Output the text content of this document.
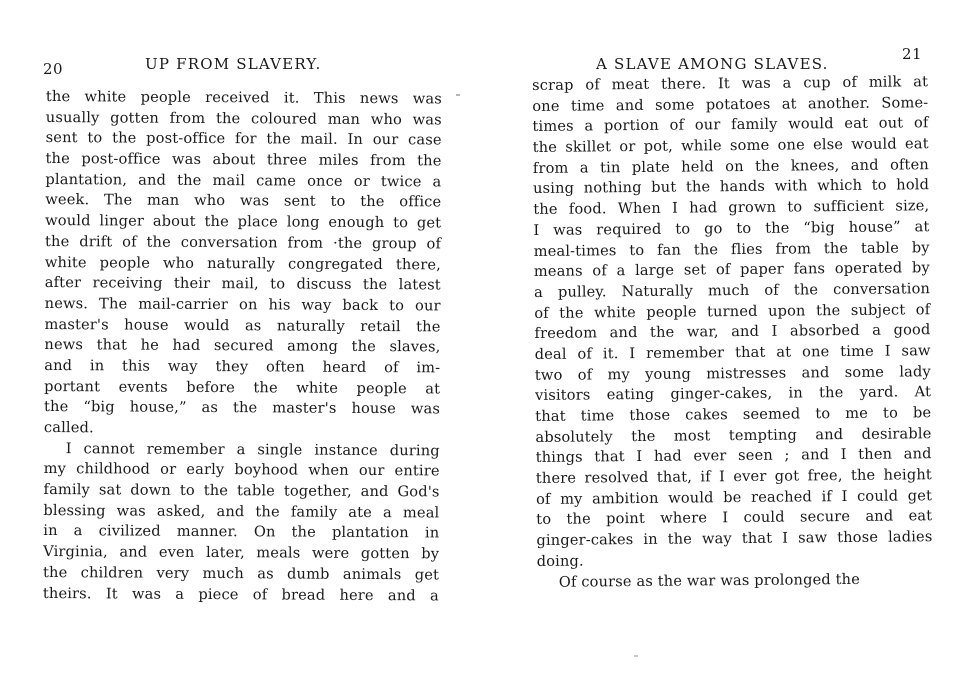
20	UP FROM SLAVERY.
the white people received it. This news was
usually gotten from the coloured man who was
sent to the post-office for the mail. In our case
the post-office was about three miles from the
plantation, and the mail came once or twice a
week. The man who was sent to the office
would linger about the place long enough to get
the drift of the conversation from ·the group of
white people who naturally congregated there,
after receiving their mail, to discuss the latest
news. The mail-carrier on his way back to our
master's house would as naturally retail the
news that he had secured among the slaves,
and in this way they often heard of im-
portant events before the white people at
the “big house,” as the master's house was
called.
I cannot remember a single instance during
my childhood or early boyhood when our entire
family sat down to the table together, and God's
blessing was asked, and the family ate a meal
in a civilized manner. On the plantation in
Virginia, and even later, meals were gotten by
the children very much as dumb animals get
theirs. It was a piece of bread here and a
A SLAVE AMONG SLAVES.
21
scrap of meat there. It was a cup of milk at
one time and some potatoes at another. Some-
times a portion of our family would eat out of
the skillet or pot, while some one else would eat
from a tin plate held on the knees, and often
using nothing but the hands with which to hold
the food. When I had grown to sufficient size,
I was required to go to the “big house” at
meal-times to fan the flies from the table by
means of a large set of paper fans operated by
a pulley. Naturally much of the conversation
of the white people turned upon the subject of
freedom and the war, and I absorbed a good
deal of it. I remember that at one time I saw
two of my young mistresses and some lady
visitors eating ginger-cakes, in the yard. At
that time those cakes seemed to me to be
absolutely the most tempting and desirable
things that I had ever seen ; and I then and
there resolved that, if I ever got free, the height
of my ambition would be reached if I could get
to the point where I could secure and eat
ginger-cakes in the way that I saw those ladies
doing.
Of course as the war was prolonged the
